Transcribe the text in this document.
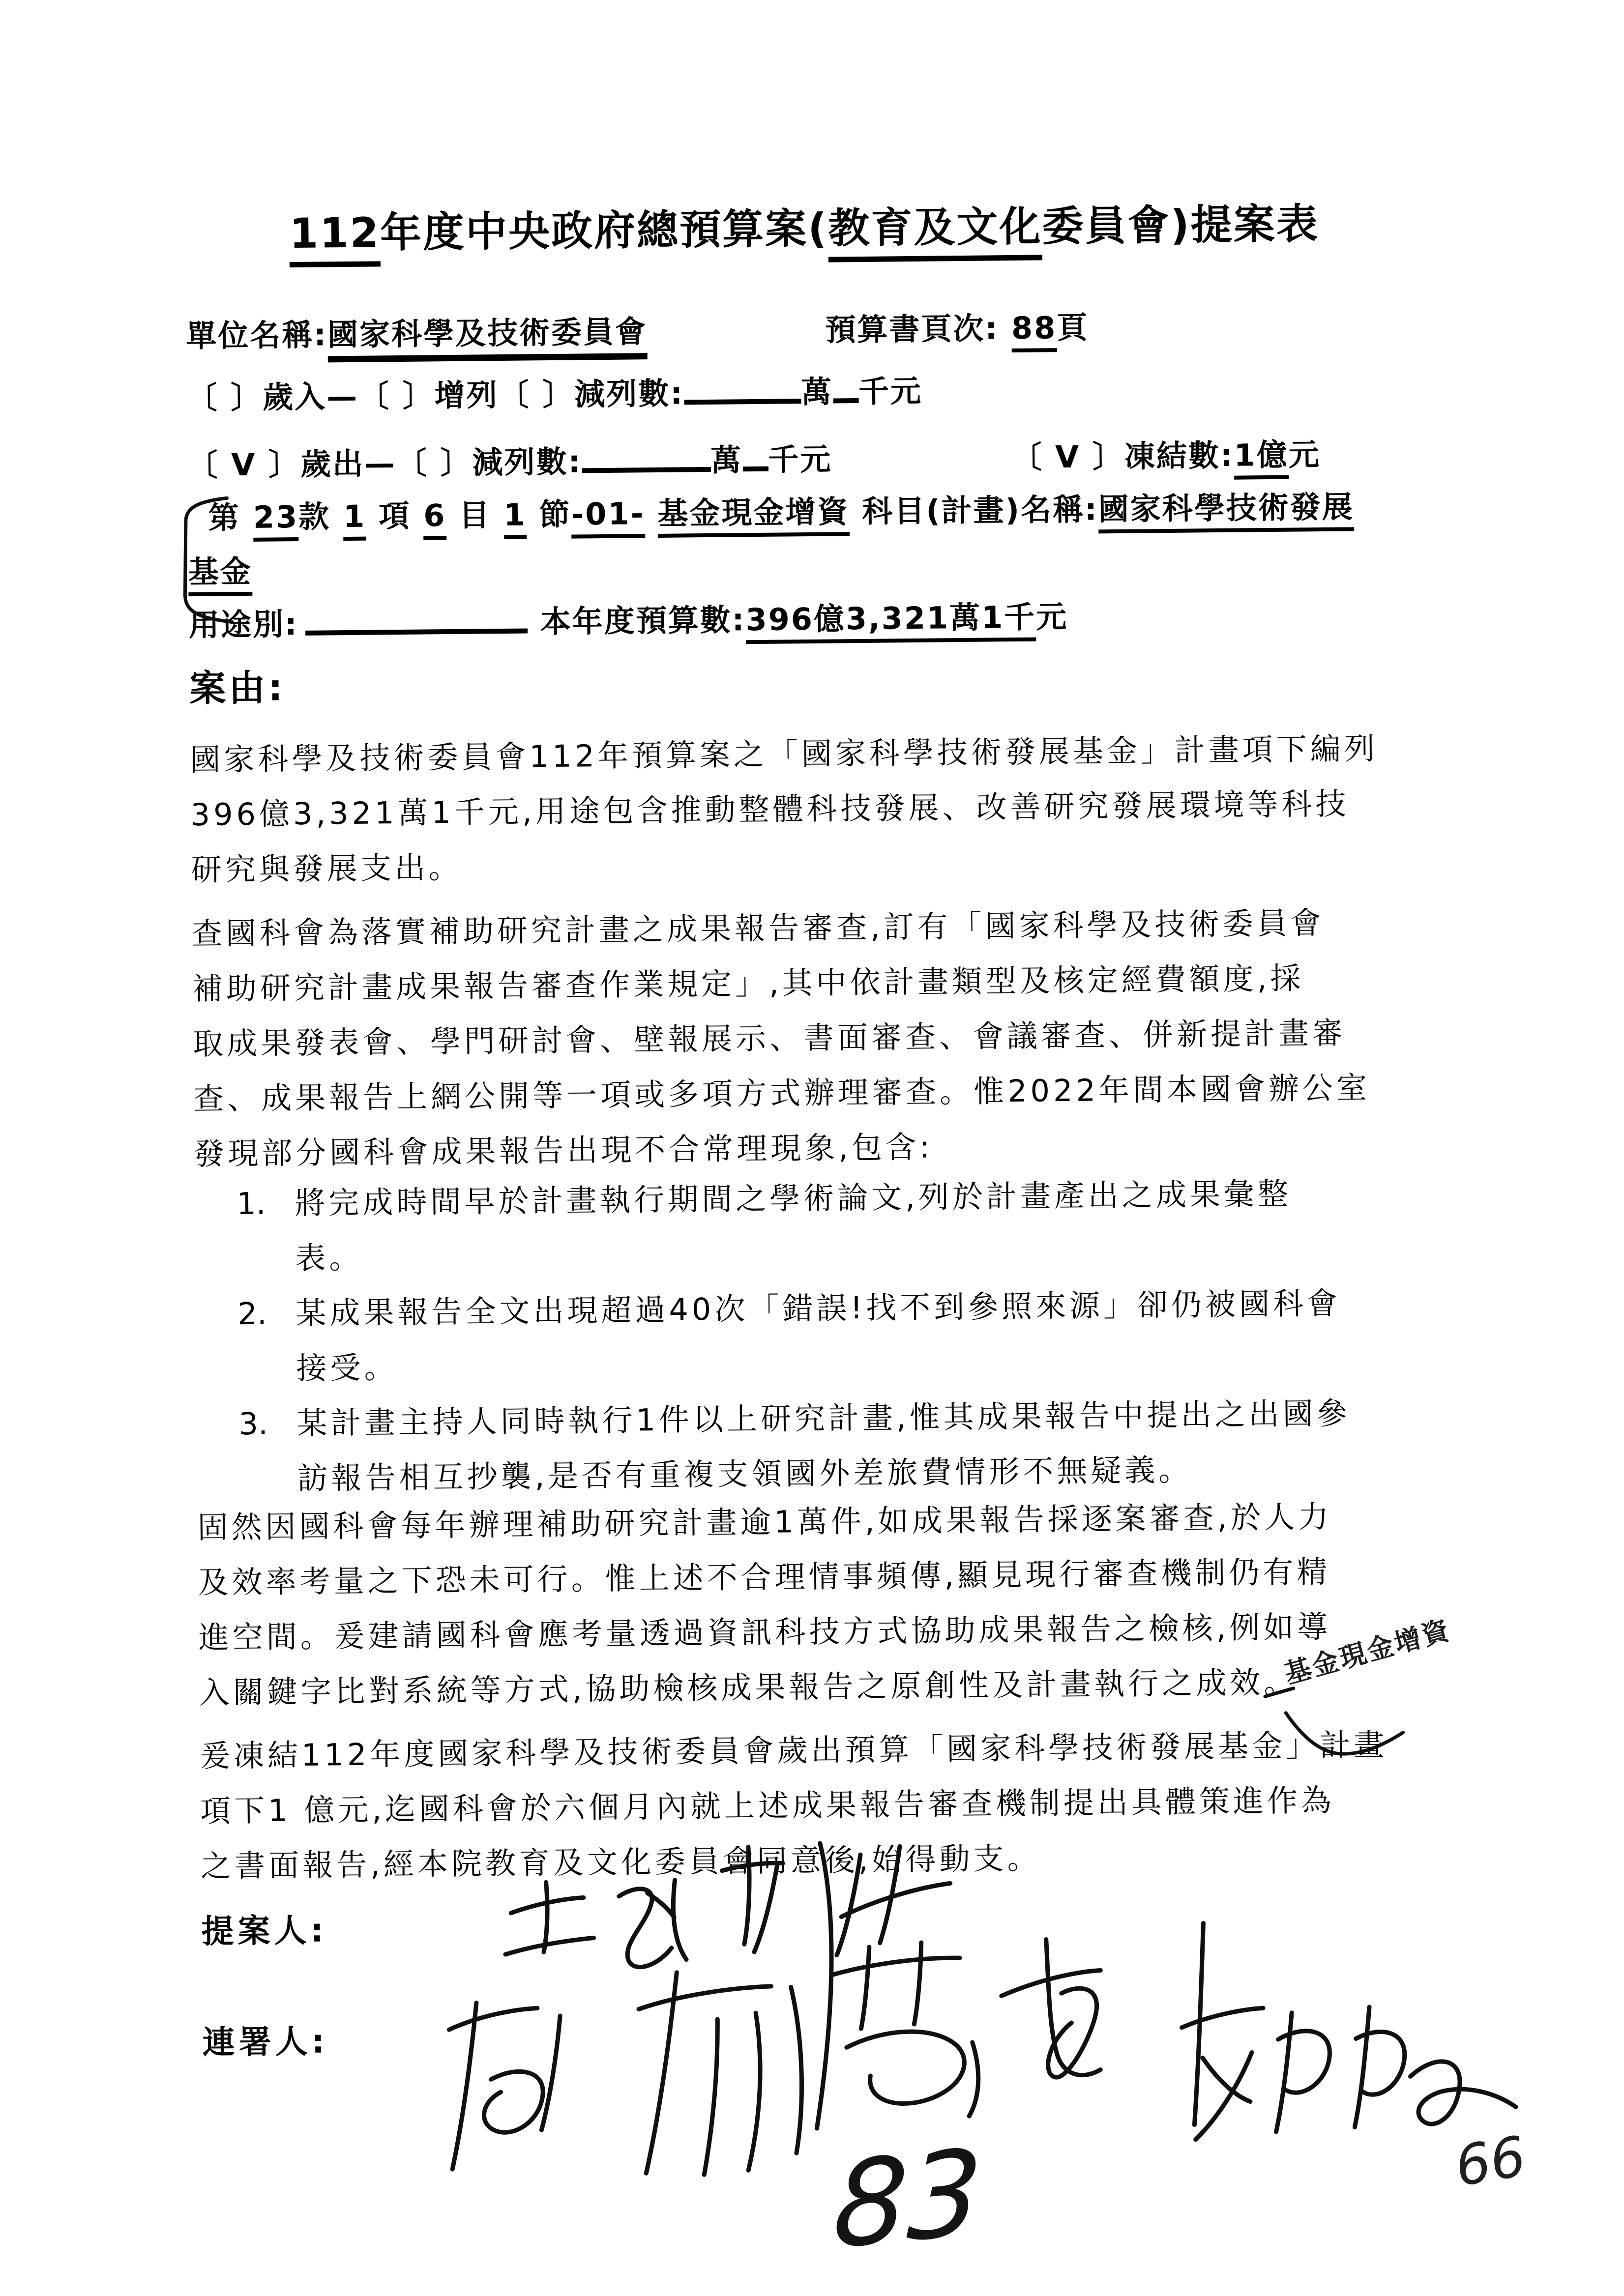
112年度中央政府總預算案(教育及文化委員會)提案表
單位名稱:國家科學及技術委員會	預算書頁次: 88頁
〔 〕歲入—〔 〕增列〔 〕減列數:	萬 千元
〔 V 〕歲出—〔 〕減列數:	萬 千元	〔 V 〕凍結數:1億元
第 23款 1 項 6 目 1 節-01- 基金現金增資 科目(計畫)名稱:國家科學技術發展
基金
用途別:	本年度預算數:396億3,321萬1千元
案由:
國家科學及技術委員會112年預算案之「國家科學技術發展基金」計畫項下編列
396億3,321萬1千元,用途包含推動整體科技發展、改善研究發展環境等科技
研究與發展支出。
查國科會為落實補助研究計畫之成果報告審查,訂有「國家科學及技術委員會
補助研究計畫成果報告審查作業規定」,其中依計畫類型及核定經費額度,採
取成果發表會、學門研討會、壁報展示、書面審查、會議審查、併新提計畫審
查、成果報告上網公開等一項或多項方式辦理審查。惟2022年間本國會辦公室
發現部分國科會成果報告出現不合常理現象,包含:
1. 將完成時間早於計畫執行期間之學術論文,列於計畫產出之成果彙整
表。
2. 某成果報告全文出現超過40次「錯誤!找不到參照來源」卻仍被國科會
接受。
3. 某計畫主持人同時執行1件以上研究計畫,惟其成果報告中提出之出國參
訪報告相互抄襲,是否有重複支領國外差旅費情形不無疑義。
固然因國科會每年辦理補助研究計畫逾1萬件,如成果報告採逐案審查,於人力
及效率考量之下恐未可行。惟上述不合理情事頻傳,顯見現行審查機制仍有精
進空間。爰建請國科會應考量透過資訊科技方式協助成果報告之檢核,例如導
入關鍵字比對系統等方式,協助檢核成果報告之原創性及計畫執行之成效。
爰凍結112年度國家科學及技術委員會歲出預算「國家科學技術發展基金」計畫
項下1 億元,迄國科會於六個月內就上述成果報告審查機制提出具體策進作為
之書面報告,經本院教育及文化委員會同意後,始得動支。
基金現金增資
提案人:
連署人:
83	66
